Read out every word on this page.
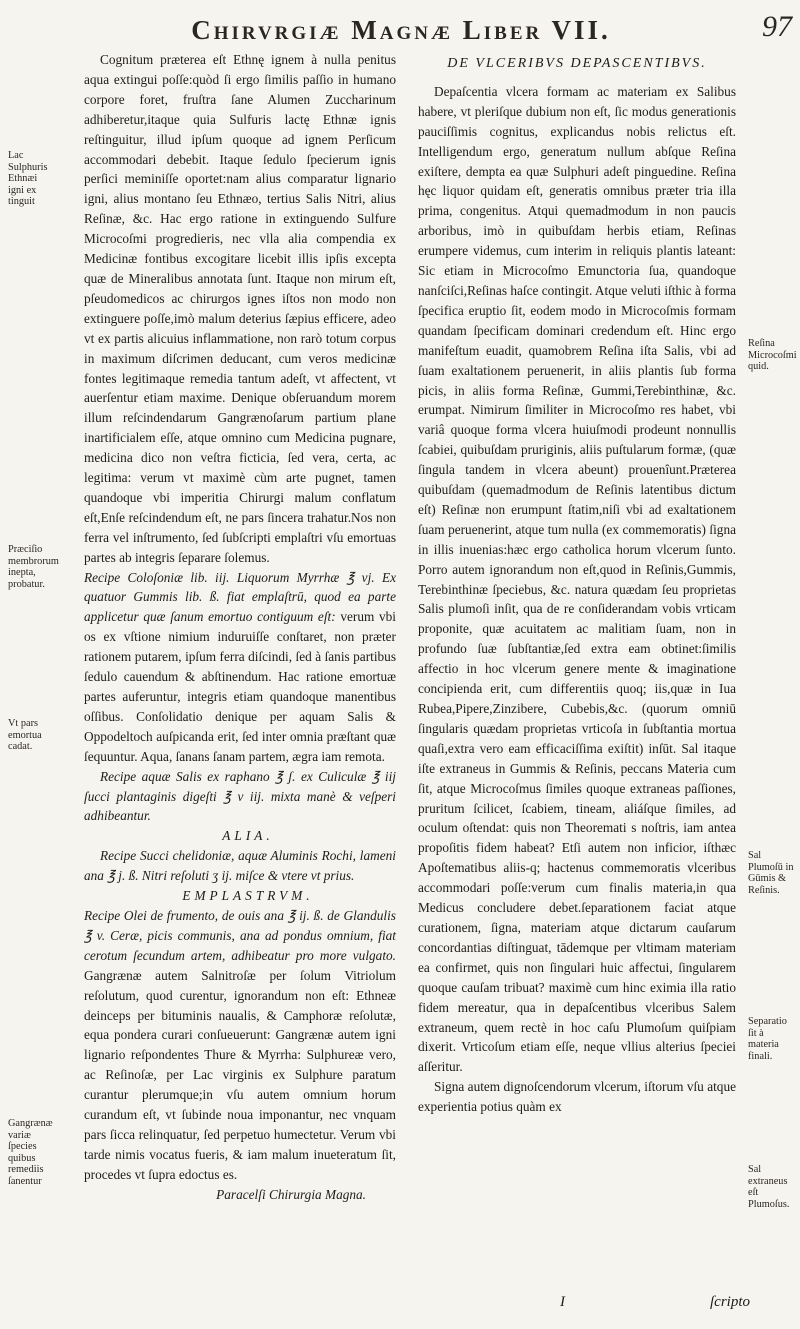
Chirvrgiæ Magnæ Liber VII.	97
Lac Sulphuris Ethnæi igni ex tinguit
Præciſio membrorum inepta, probatur.
Vt pars emortua cadat.
Gangrænæ variæ ſpecies quibus remediis ſanentur
Reſina Microcoſmi quid.
Sal Plumoſū in Gūmis & Reſinis.
Separatio ſit à materia finali.
Sal extraneus eſt Plumoſus.

Cognitum præterea eſt Ethnę ignem à nulla penitus aqua extingui poſſe:quòd ſi ergo ſimilis paſſio in humano corpore foret, fruſtra ſane Alumen Zuccharinum adhiberetur,itaque quia Sulfuris lactę Ethnæ ignis reſtinguitur, illud ipſum quoque ad ignem Perſicum accommodari debebit. Itaque ſedulo ſpecierum ignis perſici meminiſſe oportet:nam alius comparatur lignario igni, alius montano ſeu Ethnæo, tertius Salis Nitri, alius Reſinæ, &c. Hac ergo ratione in extinguendo Sulfure Microcoſmi progredieris, nec vlla alia compendia ex Medicinæ fontibus excogitare licebit illis ipſis excepta quæ de Mineralibus annotata ſunt. Itaque non mirum eſt, pſeudomedicos ac chirurgos ignes iſtos non modo non extinguere poſſe,imò malum deterius ſæpius efficere, adeo vt ex partis alicuius inflammatione, non rarò totum corpus in maximum diſcrimen deducant, cum veros medicinæ fontes legitimaque remedia tantum adeſt, vt affectent, vt auerſentur etiam maxime. Denique obſeruandum morem illum reſcindendarum Gangrænoſarum partium plane inartificialem eſſe, atque omnino cum Medicina pugnare, medicina dico non veſtra ficticia, ſed vera, certa, ac legitima: verum vt maximè cùm arte pugnet, tamen quandoque vbi imperitia Chirurgi malum conflatum eſt,Enſe reſcindendum eſt, ne pars ſincera trahatur.Nos non ferra vel inſtrumento, ſed ſubſcripti emplaſtri vſu emortuas partes ab integris ſeparare ſolemus.

Recipe Coloſoniæ lib. iij. Liquorum Myrrhæ ℥ vj. Ex quatuor Gummis lib. ß. fiat emplaſtrū, quod ea parte applicetur quæ ſanum emortuo contiguum eſt: verum vbi os ex vſtione nimium induruiſſe conſtaret, non præter rationem putarem, ipſum ferra diſcindi, ſed à ſanis partibus ſedulo cauendum & abſtinendum. Hac ratione emortuæ partes auferuntur, integris etiam quandoque manentibus oſſibus. Conſolidatio denique per aquam Salis & Oppodeltoch auſpicanda erit, ſed inter omnia præſtant quæ ſequuntur. Aqua, ſanans ſanam partem, ægra iam remota.

Recipe aquæ Salis ex raphano ℥ ʃ. ex Culiculæ ℥ iij ſucci plantaginis digeſti ℥ v iij. mixta manè & veſperi adhibeantur.

ALIA.

Recipe Succi chelidoniæ, aquæ Aluminis Rochi, lameni ana ℥ j. ß. Nitri reſoluti ʒ ij. miſce & vtere vt prius.

EMPLASTRVM.

Recipe Olei de frumento, de ouis ana ℥ ij. ß. de Glandulis ℥ v. Ceræ, picis communis, ana ad pondus omnium, fiat cerotum ſecundum artem, adhibeatur pro more vulgato. Gangrænæ autem Salnitroſæ per ſolum Vitriolum reſolutum, quod curentur, ignorandum non eſt: Ethneæ deinceps per bituminis naualis, & Camphoræ reſolutæ, equa pondera curari conſueuerunt: Gangrænæ autem igni lignario reſpondentes Thure & Myrrha: Sulphureæ vero, ac Reſinoſæ, per Lac virginis ex Sulphure paratum curantur plerumque;in vſu autem omnium horum curandum eſt, vt ſubinde noua imponantur, nec vnquam pars ſicca relinquatur, ſed perpetuo humectetur. Verum vbi tarde nimis vocatus fueris, & iam malum inueteratum ſit, procedes vt ſupra edoctus es.

Paracelſi Chirurgia Magna.

DE VLCERIBVS DEPASCENTIBVS.

Depaſcentia vlcera formam ac materiam ex Salibus habere, vt pleriſque dubium non eſt, ſic modus generationis pauciſſimis cognitus, explicandus nobis relictus eſt. Intelligendum ergo, generatum nullum abſque Reſina exiſtere, dempta ea quæ Sulphuri adeſt pinguedine. Reſina hęc liquor quidam eſt, generatis omnibus præter tria illa prima, congenitus. Atqui quemadmodum in non paucis arboribus, imò in quibuſdam herbis etiam, Reſinas erumpere videmus, cum interim in reliquis plantis lateant: Sic etiam in Microcoſmo Emunctoria ſua, quandoque nanſciſci,Reſinas haſce contingit. Atque veluti iſthic à forma ſpecifica eruptio ſit, eodem modo in Microcoſmis formam quandam ſpecificam dominari credendum eſt. Hinc ergo manifeſtum euadit, quamobrem Reſina iſta Salis, vbi ad ſuam exaltationem peruenerit, in aliis plantis ſub forma picis, in aliis forma Reſinæ, Gummi,Terebinthinæ, &c. erumpat. Nimirum ſimiliter in Microcoſmo res habet, vbi variâ quoque forma vlcera huiuſmodi prodeunt nonnullis ſcabiei, quibuſdam pruriginis, aliis puſtularum formæ, (quæ ſingula tandem in vlcera abeunt) prouenîunt.Præterea quibuſdam (quemadmodum de Reſinis latentibus dictum eſt) Reſinæ non erumpunt ſtatim,niſi vbi ad exaltationem ſuam peruenerint, atque tum nulla (ex commemoratis) ſigna in illis inuenias:hæc ergo catholica horum vlcerum ſunto. Porro autem ignorandum non eſt,quod in Reſinis,Gummis, Terebinthinæ ſpeciebus, &c. natura quædam ſeu proprietas Salis plumoſi inſit, qua de re conſiderandam vobis vrticam proponite, quæ acuitatem ac malitiam ſuam, non in profundo ſuæ ſubſtantiæ,ſed extra eam obtinet:ſimilis affectio in hoc vlcerum genere mente & imaginatione concipienda erit, cum differentiis quoq; iis,quæ in Iua Rubea,Pipere,Zinzibere, Cubebis,&c. (quorum omniū ſingularis quædam proprietas vrticoſa in ſubſtantia mortua quaſi,extra vero eam efficaciſſima exiſtit) inſūt. Sal itaque iſte extraneus in Gummis & Reſinis, peccans Materia cum ſit, atque Microcoſmus ſimiles quoque extraneas paſſiones, pruritum ſcilicet, ſcabiem, tineam, aliáſque ſimiles, ad oculum oſtendat: quis non Theoremati s noſtris, iam antea propoſitis fidem habeat? Etſi autem non inficior, iſthæc Apoſtematibus aliis-q; hactenus commemoratis vlceribus accommodari poſſe:verum cum finalis materia,in qua Medicus concludere debet.ſeparationem faciat atque curationem, ſigna, materiam atque dictarum cauſarum concordantias diſtinguat, tādemque per vltimam materiam ea confirmet, quis non ſingulari huic affectui, ſingularem quoque cauſam tribuat? maximè cum hinc eximia illa ratio fidem mereatur, qua in depaſcentibus vlceribus Salem extraneum, quem rectè in hoc caſu Plumoſum quiſpiam dixerit. Vrticoſum etiam eſſe, neque vllius alterius ſpeciei aſſeritur.

Signa autem dignoſcendorum vlcerum, iſtorum vſu atque experientia potius quàm ex

I	ſcripto
